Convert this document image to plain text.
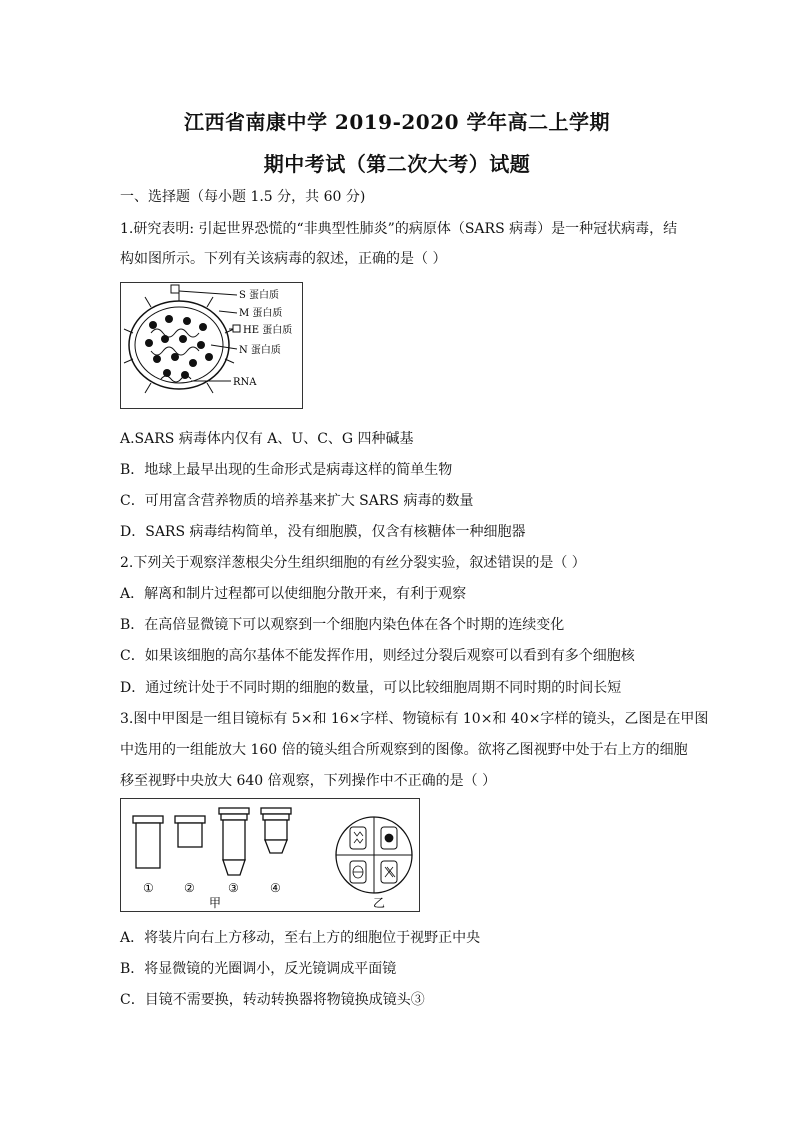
江西省南康中学 2019-2020 学年高二上学期
期中考试（第二次大考）试题
一、选择题（每小题 1.5 分，共 60 分)
1.研究表明: 引起世界恐慌的“非典型性肺炎”的病原体（SARS 病毒）是一种冠状病毒，结
构如图所示。下列有关该病毒的叙述，正确的是（ ）
S 蛋白质
M 蛋白质
HE 蛋白质
N 蛋白质
RNA
A.SARS 病毒体内仅有 A、U、C、G 四种碱基
B．地球上最早出现的生命形式是病毒这样的简单生物
C．可用富含营养物质的培养基来扩大 SARS 病毒的数量
D．SARS 病毒结构简单，没有细胞膜，仅含有核糖体一种细胞器
2.下列关于观察洋葱根尖分生组织细胞的有丝分裂实验，叙述错误的是（ ）
A．解离和制片过程都可以使细胞分散开来，有利于观察
B．在高倍显微镜下可以观察到一个细胞内染色体在各个时期的连续变化
C．如果该细胞的高尔基体不能发挥作用，则经过分裂后观察可以看到有多个细胞核
D．通过统计处于不同时期的细胞的数量，可以比较细胞周期不同时期的时间长短
3.图中甲图是一组目镜标有 5×和 16×字样、物镜标有 10×和 40×字样的镜头，乙图是在甲图
中选用的一组能放大 160 倍的镜头组合所观察到的图像。欲将乙图视野中处于右上方的细胞
移至视野中央放大 640 倍观察，下列操作中不正确的是（ ）
①	②	③	④
甲	乙
A．将装片向右上方移动，至右上方的细胞位于视野正中央
B．将显微镜的光圈调小，反光镜调成平面镜
C．目镜不需要换，转动转换器将物镜换成镜头③
